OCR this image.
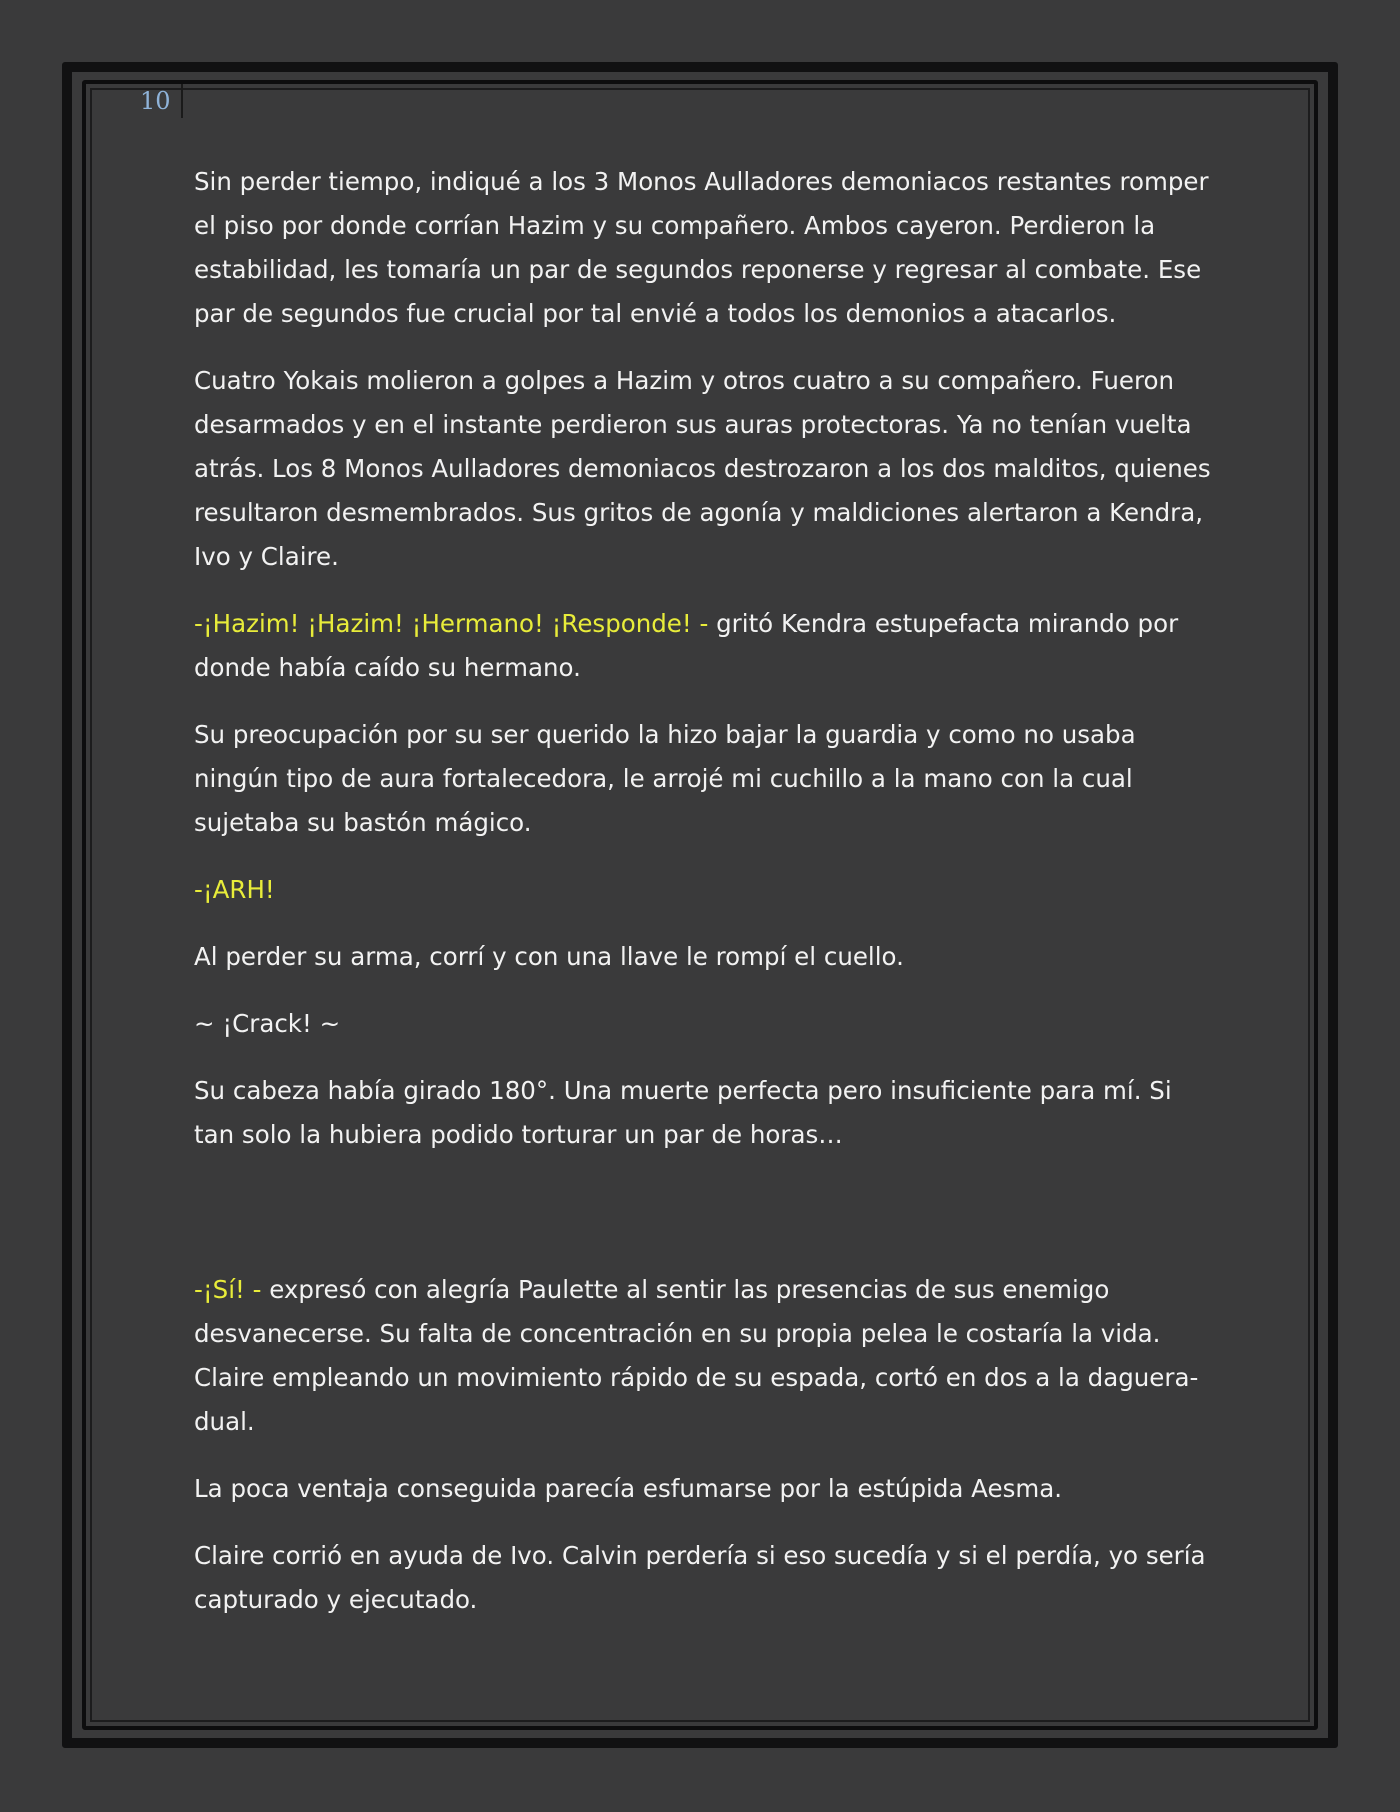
10

Sin perder tiempo, indiqué a los 3 Monos Aulladores demoniacos restantes romper el piso por donde corrían Hazim y su compañero. Ambos cayeron. Perdieron la estabilidad, les tomaría un par de segundos reponerse y regresar al combate. Ese par de segundos fue crucial por tal envié a todos los demonios a atacarlos.

Cuatro Yokais molieron a golpes a Hazim y otros cuatro a su compañero. Fueron desarmados y en el instante perdieron sus auras protectoras. Ya no tenían vuelta atrás. Los 8 Monos Aulladores demoniacos destrozaron a los dos malditos, quienes resultaron desmembrados. Sus gritos de agonía y maldiciones alertaron a Kendra, Ivo y Claire.

-¡Hazim! ¡Hazim! ¡Hermano! ¡Responde! - gritó Kendra estupefacta mirando por donde había caído su hermano.

Su preocupación por su ser querido la hizo bajar la guardia y como no usaba ningún tipo de aura fortalecedora, le arrojé mi cuchillo a la mano con la cual sujetaba su bastón mágico.

-¡ARH!

Al perder su arma, corrí y con una llave le rompí el cuello.

~ ¡Crack! ~

Su cabeza había girado 180°. Una muerte perfecta pero insuficiente para mí. Si tan solo la hubiera podido torturar un par de horas…

-¡Sí! - expresó con alegría Paulette al sentir las presencias de sus enemigo desvanecerse. Su falta de concentración en su propia pelea le costaría la vida. Claire empleando un movimiento rápido de su espada, cortó en dos a la daguera-dual.

La poca ventaja conseguida parecía esfumarse por la estúpida Aesma.

Claire corrió en ayuda de Ivo. Calvin perdería si eso sucedía y si el perdía, yo sería capturado y ejecutado.
